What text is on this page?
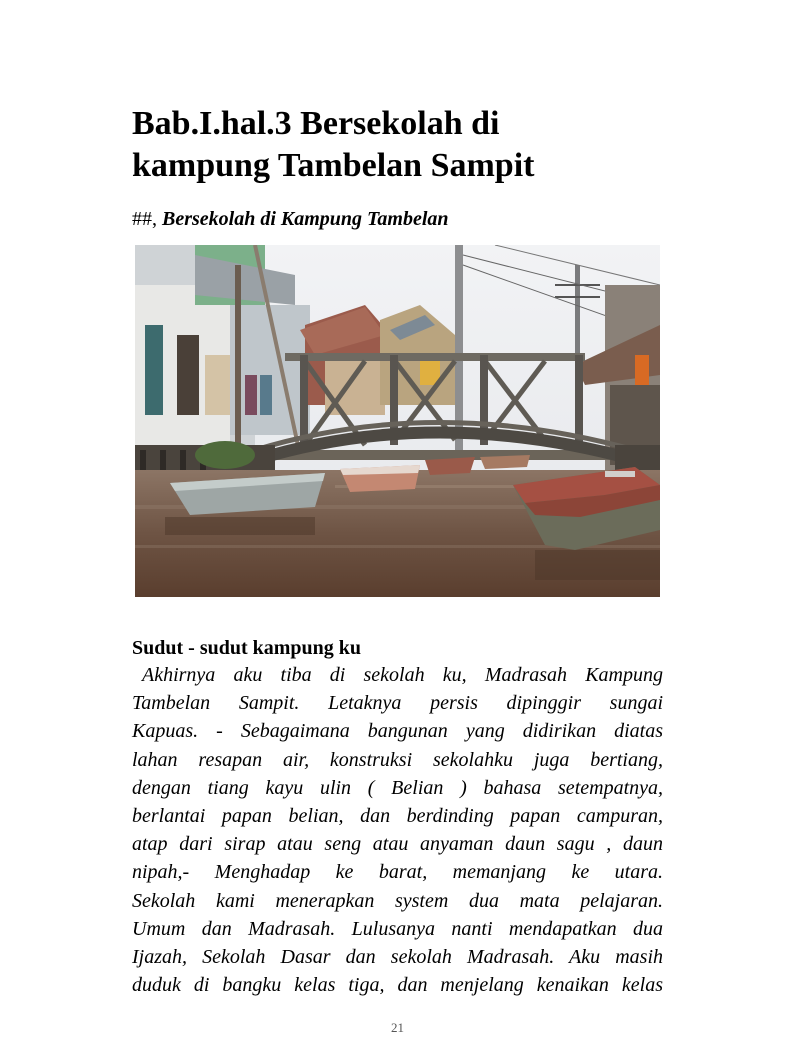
Bab.I.hal.3 Bersekolah di
kampung Tambelan Sampit
##, Bersekolah di Kampung Tambelan
Sudut - sudut kampung ku
Akhirnya aku tiba di sekolah ku, Madrasah Kampung
Tambelan Sampit. Letaknya persis dipinggir sungai
Kapuas. - Sebagaimana bangunan yang didirikan diatas
lahan resapan air, konstruksi sekolahku juga bertiang,
dengan tiang kayu ulin ( Belian ) bahasa setempatnya,
berlantai papan belian, dan berdinding papan campuran,
atap dari sirap atau seng atau anyaman daun sagu , daun
nipah,- Menghadap ke barat, memanjang ke utara.
Sekolah kami menerapkan system dua mata pelajaran.
Umum dan Madrasah. Lulusanya nanti mendapatkan dua
Ijazah, Sekolah Dasar dan sekolah Madrasah. Aku masih
duduk di bangku kelas tiga, dan menjelang kenaikan kelas
21
